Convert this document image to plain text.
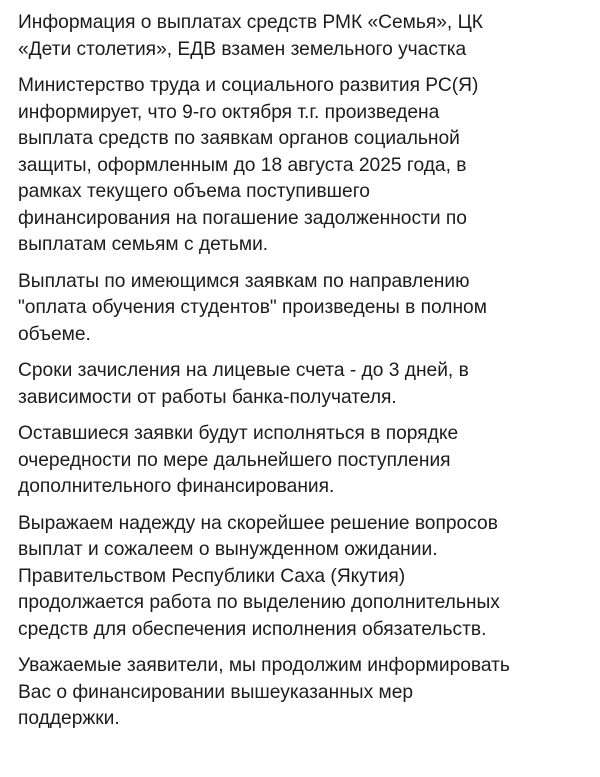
Информация о выплатах средств РМК «Семья», ЦК
«Дети столетия», ЕДВ взамен земельного участка
Министерство труда и социального развития РС(Я)
информирует, что 9-го октября т.г. произведена
выплата средств по заявкам органов социальной
защиты, оформленным до 18 августа 2025 года, в
рамках текущего объема поступившего
финансирования на погашение задолженности по
выплатам семьям с детьми.
Выплаты по имеющимся заявкам по направлению
"оплата обучения студентов" произведены в полном
объеме.
Сроки зачисления на лицевые счета - до 3 дней, в
зависимости от работы банка-получателя.
Оставшиеся заявки будут исполняться в порядке
очередности по мере дальнейшего поступления
дополнительного финансирования.
Выражаем надежду на скорейшее решение вопросов
выплат и сожалеем о вынужденном ожидании.
Правительством Республики Саха (Якутия)
продолжается работа по выделению дополнительных
средств для обеспечения исполнения обязательств.
Уважаемые заявители, мы продолжим информировать
Вас о финансировании вышеуказанных мер
поддержки.
